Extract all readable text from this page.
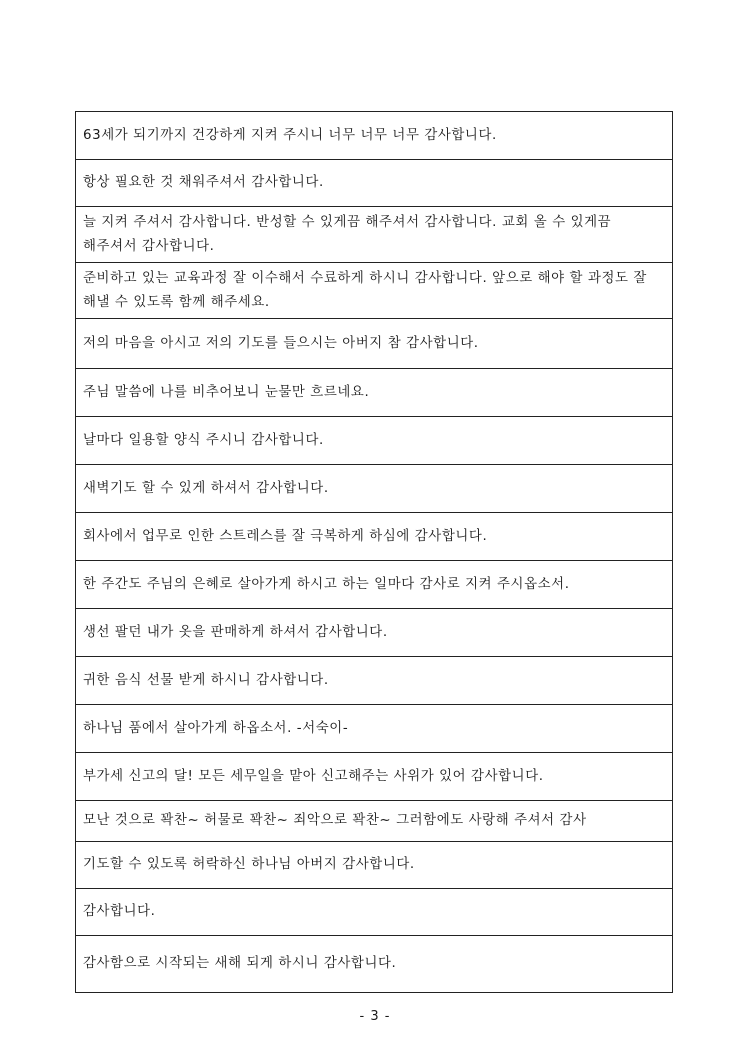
63세가 되기까지 건강하게 지켜 주시니 너무 너무 너무 감사합니다.
항상 필요한 것 채워주셔서 감사합니다.
늘 지켜 주셔서 감사합니다. 반성할 수 있게끔 해주셔서 감사합니다. 교회 올 수 있게끔 해주셔서 감사합니다.
준비하고 있는 교육과정 잘 이수해서 수료하게 하시니 감사합니다. 앞으로 해야 할 과정도 잘 해낼 수 있도록 함께 해주세요.
저의 마음을 아시고 저의 기도를 들으시는 아버지 참 감사합니다.
주님 말씀에 나를 비추어보니 눈물만 흐르네요.
날마다 일용할 양식 주시니 감사합니다.
새벽기도 할 수 있게 하셔서 감사합니다.
회사에서 업무로 인한 스트레스를 잘 극복하게 하심에 감사합니다.
한 주간도 주님의 은혜로 살아가게 하시고 하는 일마다 감사로 지켜 주시옵소서.
생선 팔던 내가 옷을 판매하게 하셔서 감사합니다.
귀한 음식 선물 받게 하시니 감사합니다.
하나님 품에서 살아가게 하옵소서. -서숙이-
부가세 신고의 달! 모든 세무일을 맡아 신고해주는 사위가 있어 감사합니다.
모난 것으로 꽉찬~ 허물로 꽉찬~ 죄악으로 꽉찬~ 그러함에도 사랑해 주셔서 감사
기도할 수 있도록 허락하신 하나님 아버지 감사합니다.
감사합니다.
감사함으로 시작되는 새해 되게 하시니 감사합니다.
- 3 -
